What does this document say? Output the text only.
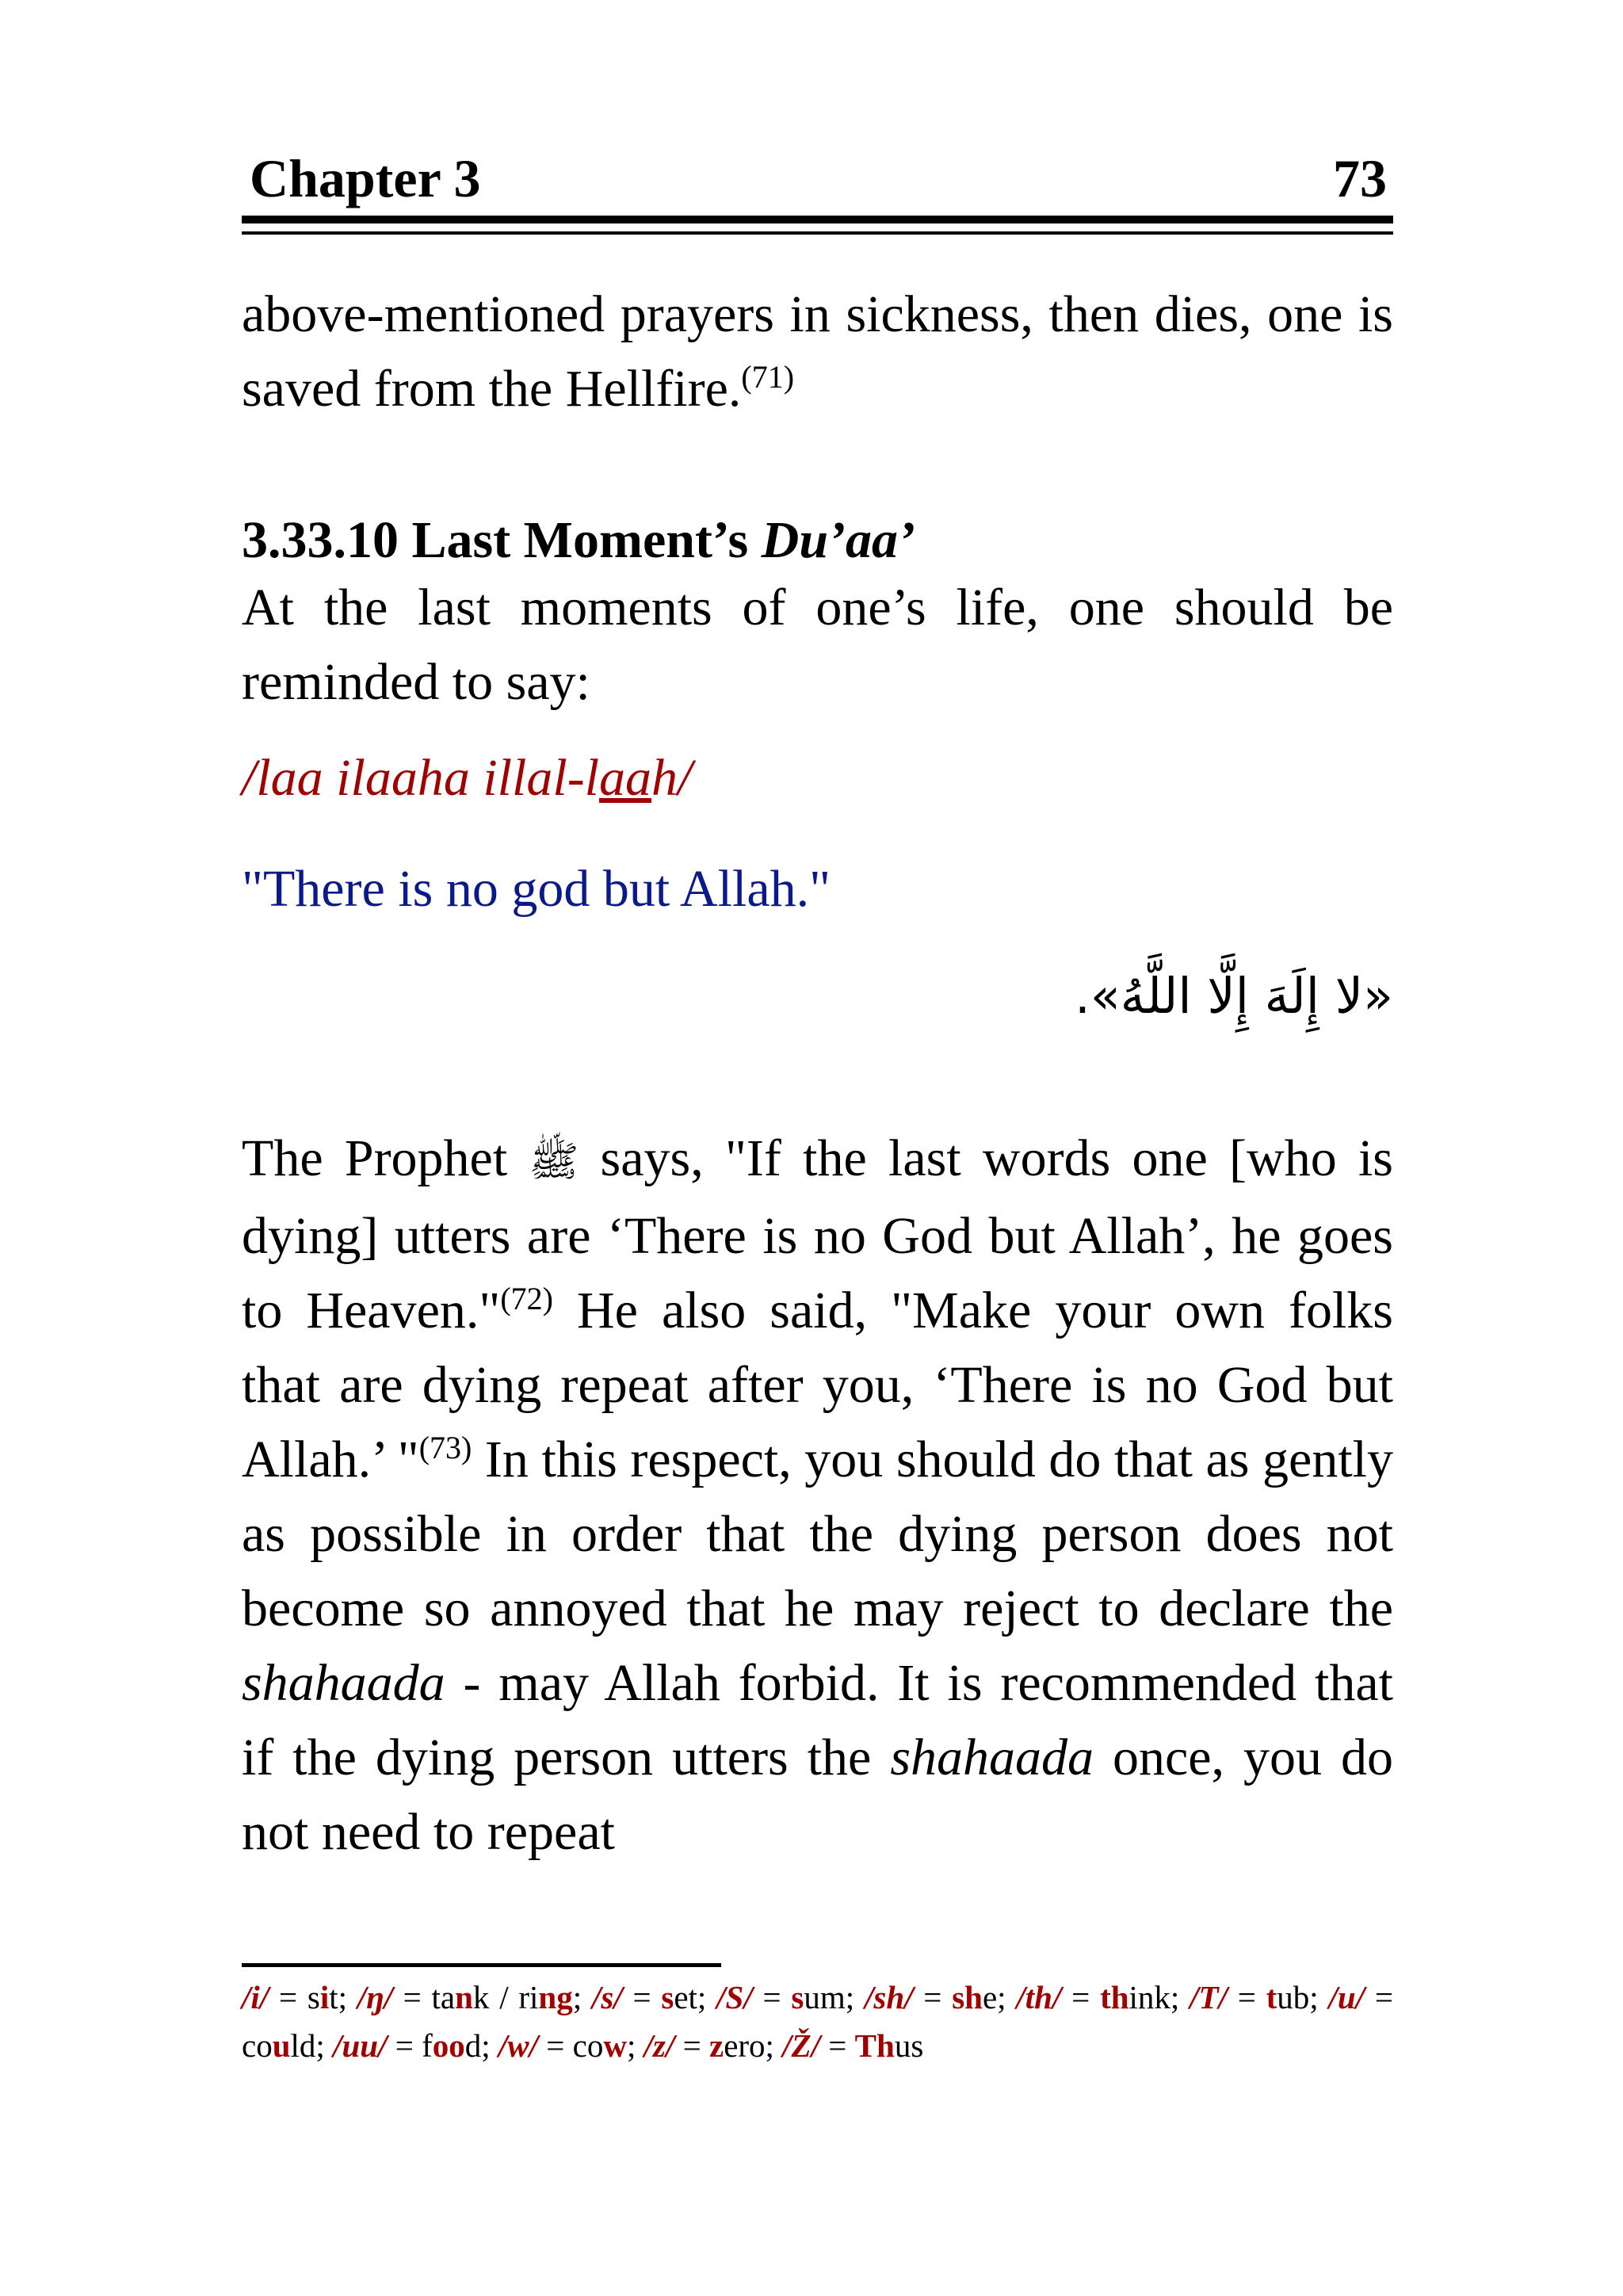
Chapter 3	73
above-mentioned prayers in sickness, then dies, one is saved from the Hellfire.$^{(71)}$
3.33.10 Last Moment’s Du’aa’
At the last moments of one’s life, one should be reminded to say:
/laa ilaaha illal-laah/
"There is no god but Allah."
«لا إِلَهَ إِلَّا اللَّهُ».
The Prophet ﷺ says, "If the last words one [who is dying] utters are ‘There is no God but Allah’, he goes to Heaven."$^{(72)}$ He also said, "Make your own folks that are dying repeat after you, ‘There is no God but Allah.’ "$^{(73)}$ In this respect, you should do that as gently as possible in order that the dying person does not become so annoyed that he may reject to declare the shahaada - may Allah forbid. It is recommended that if the dying person utters the shahaada once, you do not need to repeat
/i/ = sit; /ŋ/ = tank / ring; /s/ = set; /S/ = sum; /sh/ = she; /th/ = think; /T/ = tub; /u/ = could; /uu/ = food; /w/ = cow; /z/ = zero; /Ž/ = Thus
